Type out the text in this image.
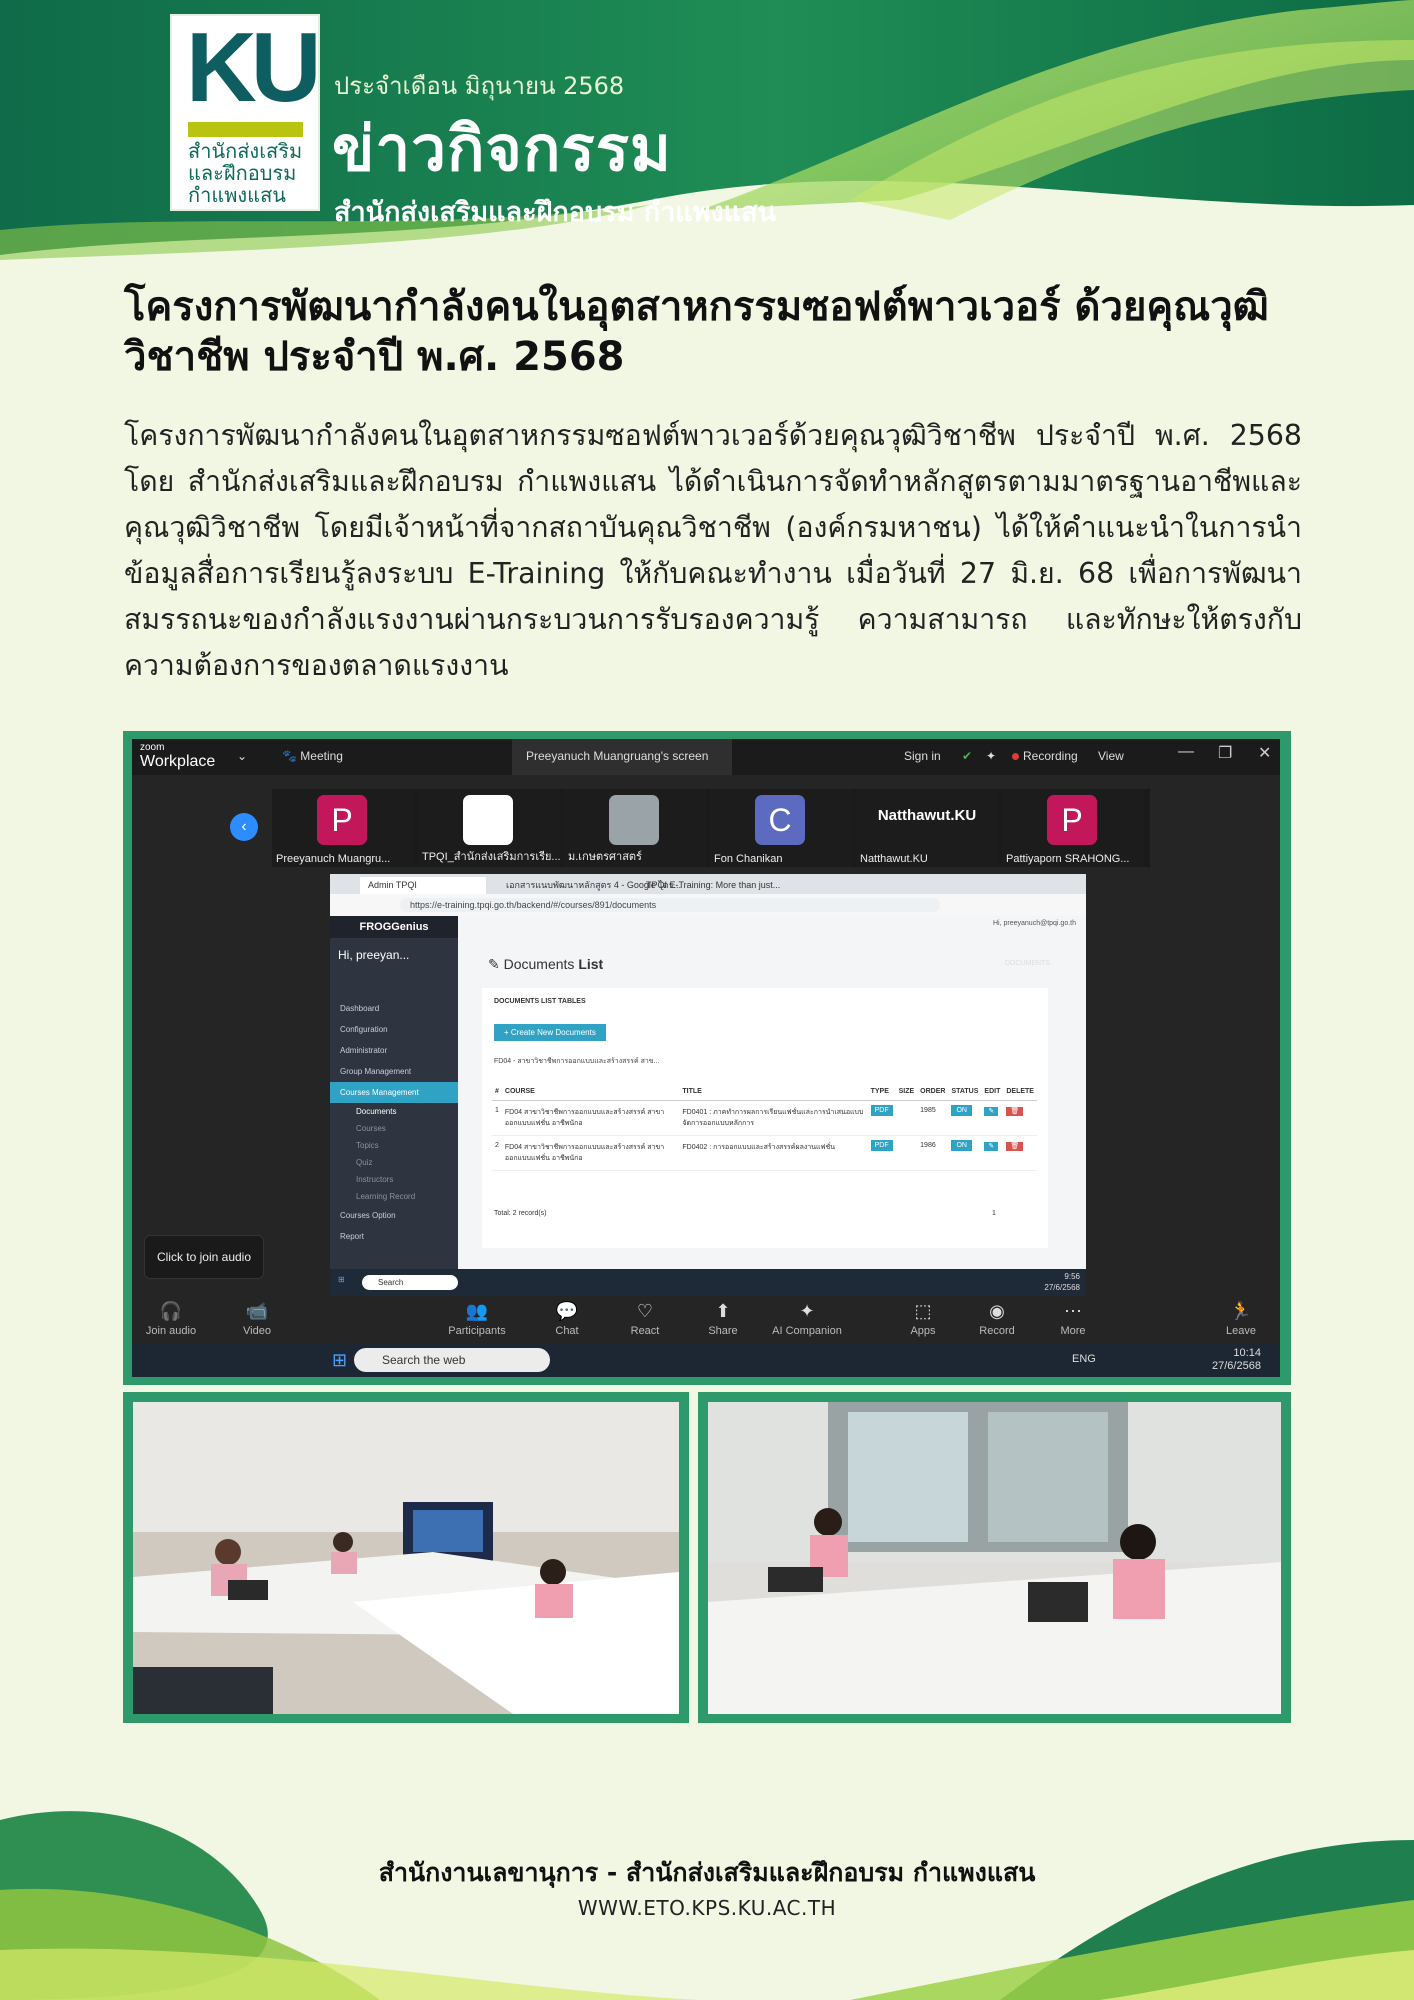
KU
สำนักส่งเสริม
และฝึกอบรม
กำแพงแสน
ประจำเดือน มิถุนายน 2568
ข่าวกิจกรรม
สำนักส่งเสริมและฝึกอบรม กำแพงแสน
โครงการพัฒนากำลังคนในอุตสาหกรรมซอฟต์พาวเวอร์ ด้วยคุณวุฒิวิชาชีพ ประจำปี พ.ศ. 2568
โครงการพัฒนากำลังคนในอุตสาหกรรมซอฟต์พาวเวอร์ด้วยคุณวุฒิวิชาชีพ ประจำปี พ.ศ. 2568 โดย สำนักส่งเสริมและฝึกอบรม กำแพงแสน ได้ดำเนินการจัดทำหลักสูตรตามมาตรฐานอาชีพและคุณวุฒิวิชาชีพ โดยมีเจ้าหน้าที่จากสถาบันคุณวิชาชีพ (องค์กรมหาชน) ได้ให้คำแนะนำในการนำข้อมูลสื่อการเรียนรู้ลงระบบ E-Training ให้กับคณะทำงาน เมื่อวันที่ 27 มิ.ย. 68 เพื่อการพัฒนาสมรรถนะของกำลังแรงงานผ่านกระบวนการรับรองความรู้ ความสามารถ และทักษะให้ตรงกับความต้องการของตลาดแรงงาน
zoom
Workplace ⌄	🐾 Meeting	Preeyanuch Muangruang's screen	Sign in ✔ ✦	Recording View	— ❐ ✕
‹	P
Preeyanuch Muangru...	TPQI_สำนักส่งเสริมการเรีย... ม.เกษตรศาสตร์
C
Fon Chanikan
Natthawut.KU
Natthawut.KU
P
Pattiyaporn SRAHONG...
Admin TPQI	เอกสารแนบพัฒนาหลักสูตร 4 - Google ไดร...
TPQI E-Training: More than just...
https://e-training.tpqi.go.th/backend/#/courses/891/documents
FROGGenius
Hi, preeyan...
Dashboard
Configuration
Administrator
Group Management
Courses Management
Documents
Courses
Topics
Quiz
Instructors
Learning Record
Courses Option
Report
Hi, preeyanuch@tpqi.go.th
✎ Documents List	DOCUMENTS
DOCUMENTS LIST TABLES
+ Create New Documents
FD04 - สาขาวิชาชีพการออกแบบและสร้างสรรค์ สาข...
#	COURSE	TITLE	TYPE	SIZE	ORDER	STATUS	EDIT	DELETE
1	FD04 สาขาวิชาชีพการออกแบบและสร้างสรรค์ สาขาออกแบบแฟชั่น อาชีพนักอ	FD0401 : ภาคทำการผลการเรียนแฟชั่นและการนำเสนอแบบจัดการออกแบบหลักการ	PDF		1985	ON	✎	🗑
2	FD04 สาขาวิชาชีพการออกแบบและสร้างสรรค์ สาขาออกแบบแฟชั่น อาชีพนักอ	FD0402 : การออกแบบและสร้างสรรค์ผลงานแฟชั่น	PDF		1986	ON	✎	🗑
Total: 2 record(s)	1
⊞	Search
9:56
27/6/2568
Click to join audio
🎧
Join audio
📹
Video
👥
Participants
💬
Chat
♡
React
⬆
Share
✦
AI Companion
⬚
Apps
◉
Record
⋯
More
🏃
Leave
⊞	Search the web	ENG	10:14
27/6/2568
สำนักงานเลขานุการ - สำนักส่งเสริมและฝึกอบรม กำแพงแสน
WWW.ETO.KPS.KU.AC.TH
